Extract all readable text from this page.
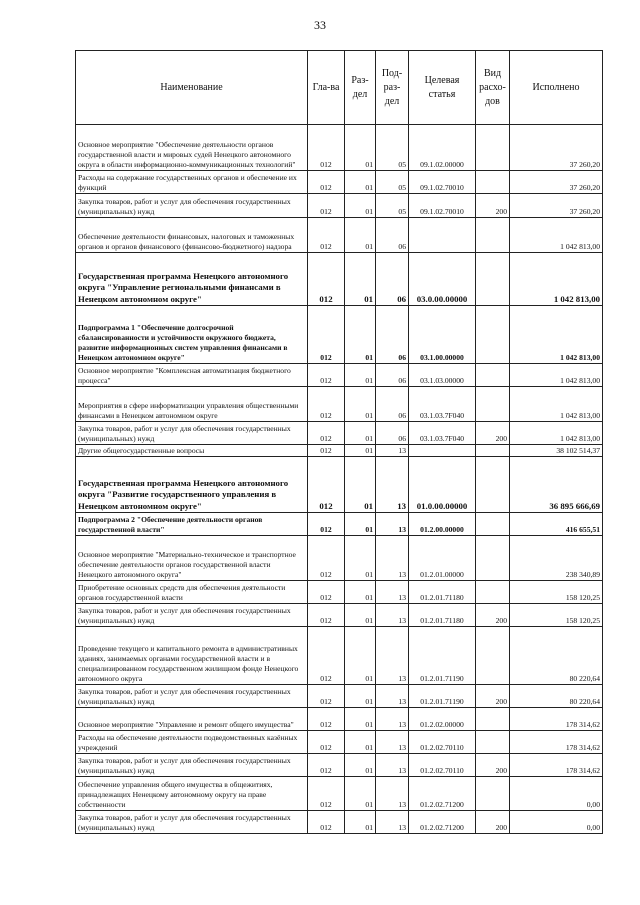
33
Наименование	Гла-ва	Раз-дел	Под-раз-дел	Целевая статья	Вид расхо-дов	Исполнено
Основное мероприятие "Обеспечение деятельности органов государственной власти и мировых судей Ненецкого автономного округа в области информационно-коммуникационных технологий"	012	01	05	09.1.02.00000		37 260,20
Расходы на содержание государственных органов и обеспечение их функций	012	01	05	09.1.02.70010		37 260,20
Закупка товаров, работ и услуг для обеспечения государственных (муниципальных) нужд	012	01	05	09.1.02.70010	200	37 260,20
Обеспечение деятельности финансовых, налоговых и таможенных органов и органов финансового (финансово-бюджетного) надзора	012	01	06			1 042 813,00
Государственная программа Ненецкого автономного округа "Управление региональными финансами в Ненецком автономном округе"	012	01	06	03.0.00.00000		1 042 813,00
Подпрограмма 1 "Обеспечение долгосрочной сбалансированности и устойчивости окружного бюджета, развитие информационных систем управления финансами в Ненецком автономном округе"	012	01	06	03.1.00.00000		1 042 813,00
Основное мероприятие "Комплексная автоматизация бюджетного процесса"	012	01	06	03.1.03.00000		1 042 813,00
Мероприятия в сфере информатизации управления общественными финансами в Ненецком автономном округе	012	01	06	03.1.03.7F040		1 042 813,00
Закупка товаров, работ и услуг для обеспечения государственных (муниципальных) нужд	012	01	06	03.1.03.7F040	200	1 042 813,00
Другие общегосударственные вопросы	012	01	13			38 102 514,37
Государственная программа Ненецкого автономного округа "Развитие государственного управления в Ненецком автономном округе"	012	01	13	01.0.00.00000		36 895 666,69
Подпрограмма 2 "Обеспечение деятельности органов государственной власти"	012	01	13	01.2.00.00000		416 655,51
Основное мероприятие "Материально-техническое и транспортное обеспечение деятельности органов государственной власти Ненецкого автономного округа"	012	01	13	01.2.01.00000		238 340,89
Приобретение основных средств для обеспечения деятельности органов государственной власти	012	01	13	01.2.01.71180		158 120,25
Закупка товаров, работ и услуг для обеспечения государственных (муниципальных) нужд	012	01	13	01.2.01.71180	200	158 120,25
Проведение текущего и капитального ремонта в административных зданиях, занимаемых органами государственной власти и в специализированном государственном жилищном фонде Ненецкого автономного округа	012	01	13	01.2.01.71190		80 220,64
Закупка товаров, работ и услуг для обеспечения государственных (муниципальных) нужд	012	01	13	01.2.01.71190	200	80 220,64
Основное мероприятие "Управление и ремонт общего имущества"	012	01	13	01.2.02.00000		178 314,62
Расходы на обеспечение деятельности подведомственных казённых учреждений	012	01	13	01.2.02.70110		178 314,62
Закупка товаров, работ и услуг для обеспечения государственных (муниципальных) нужд	012	01	13	01.2.02.70110	200	178 314,62
Обеспечение управления общего имущества в общежитиях, принадлежащих Ненецкому автономному округу на праве собственности	012	01	13	01.2.02.71200		0,00
Закупка товаров, работ и услуг для обеспечения государственных (муниципальных) нужд	012	01	13	01.2.02.71200	200	0,00
